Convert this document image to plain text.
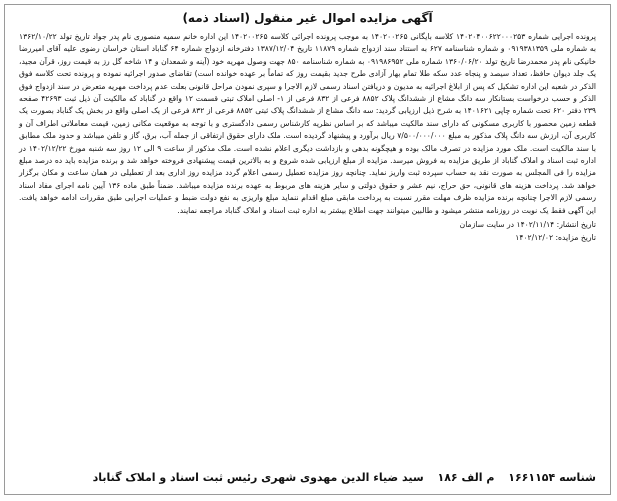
آگهی مزایده اموال غیر منقول (اسناد ذمه)
پرونده اجرایی شماره ۱۴۰۲۰۴۰۰۶۲۲۰۰۰۲۵۳ کلاسه بایگانی ۱۴۰۲۰۰۲۶۵ به موجب پرونده اجرائی کلاسه ۱۴۰۲۰۰۲۶۵ این اداره خانم سمیه منصوری نام پدر جواد تاریخ تولد ۱۳۶۲/۱۰/۲۲ به شماره ملی ۰۹۱۹۳۸۱۳۵۹ و شماره شناسنامه ۶۲۷ به استناد سند ازدواج شماره ۱۱۸۷۹ تاریخ ۱۳۸۷/۱۲/۰۴ دفترخانه ازدواج شماره ۶۴ گناباد استان خراسان رضوی علیه آقای امیررضا خانیکی نام پدر محمدرضا تاریخ تولد ۱۳۶۰/۰۶/۲۰ شماره ملی ۰۹۱۹۸۶۹۵۲ به شماره شناسنامه ۸۵۰ جهت وصول مهریه خود (آینه و شمعدان و ۱۴ شاخه گل رز به قیمت روز، قرآن مجید، یک جلد دیوان حافظ، تعداد سیصد و پنجاه عدد سکه طلا تمام بهار آزادی طرح جدید بقیمت روز که تماماً بر عهده خوانده است) تقاضای صدور اجرائیه نموده و پرونده تحت کلاسه فوق الذکر در شعبه این اداره تشکیل که پس از ابلاغ اجرائیه به مدیون و دریافتن اسناد رسمی لازم الاجرا و سپری نمودن مراحل قانونی بعلت عدم پرداخت مهریه متعرض در سند ازدواج فوق الذکر و حسب درخواست بستانکار سه دانگ مشاع از ششدانگ پلاک ۸۸۵۲ فرعی از ۸۳۲ فرعی از ۱- اصلی املاک تبتی قسمت ۱۲ واقع در گناباد که مالکیت آن ذیل ثبت ۴۲۶۹۳ صفحه ۲۳۹ دفتر ۶۲۰ تحت شماره چاپی ۱۴۰۱۶۲۱ به شرح ذیل ارزیابی گردید: سه دانگ مشاع از ششدانگ پلاک ثبتی ۸۸۵۲ فرعی از ۸۳۲ فرعی از یک اصلی واقع در بخش یک گناباد بصورت یک قطعه زمین محصور با کاربری مسکونی که دارای سند مالکیت میباشد که بر اساس نظریه کارشناس رسمی دادگستری و با توجه به موقعیت مکانی زمین، قیمت معاملاتی اطراف آن و کاربری آن، ارزش سه دانگ پلاک مذکور به مبلغ ۷/۵۰۰/۰۰۰/۰۰۰ ریال برآورد و پیشنهاد گردیده است. ملک دارای حقوق ارتفاقی از جمله آب، برق، گاز و تلفن میباشد و حدود ملک مطابق با سند مالکیت است. ملک مورد مزایده در تصرف مالک بوده و هیچگونه بدهی و بازداشت دیگری اعلام نشده است. ملک مذکور از ساعت ۹ الی ۱۲ روز سه شنبه مورخ ۱۴۰۲/۱۲/۲۲ در اداره ثبت اسناد و املاک گناباد از طریق مزایده به فروش میرسد. مزایده از مبلغ ارزیابی شده شروع و به بالاترین قیمت پیشنهادی فروخته خواهد شد و برنده مزایده باید ده درصد مبلغ مزایده را فی المجلس به صورت نقد به حساب سپرده ثبت واریز نماید. چنانچه روز مزایده تعطیل رسمی اعلام گردد مزایده روز اداری بعد از تعطیلی در همان ساعت و مکان برگزار خواهد شد. پرداخت هزینه های قانونی، حق حراج، نیم عشر و حقوق دولتی و سایر هزینه های مربوط به عهده برنده مزایده میباشد. ضمناً طبق ماده ۱۳۶ آیین نامه اجرای مفاد اسناد رسمی لازم الاجرا چنانچه برنده مزایده ظرف مهلت مقرر نسبت به پرداخت مابقی مبلغ اقدام ننماید مبلغ واریزی به نفع دولت ضبط و عملیات اجرایی طبق مقررات ادامه خواهد یافت. این آگهی فقط یک نوبت در روزنامه منتشر میشود و طالبین میتوانند جهت اطلاع بیشتر به اداره ثبت اسناد و املاک گناباد مراجعه نمایند.
تاریخ انتشار: ۱۴۰۲/۱۱/۱۴ در سایت سازمان
تاریخ مزایده: ۱۴۰۲/۱۲/۰۲
شناسه ۱۶۶۱۱۵۴ م الف ۱۸۶ سید ضیاء الدین مهدوی شهری رئیس ثبت اسناد و املاک گناباد
